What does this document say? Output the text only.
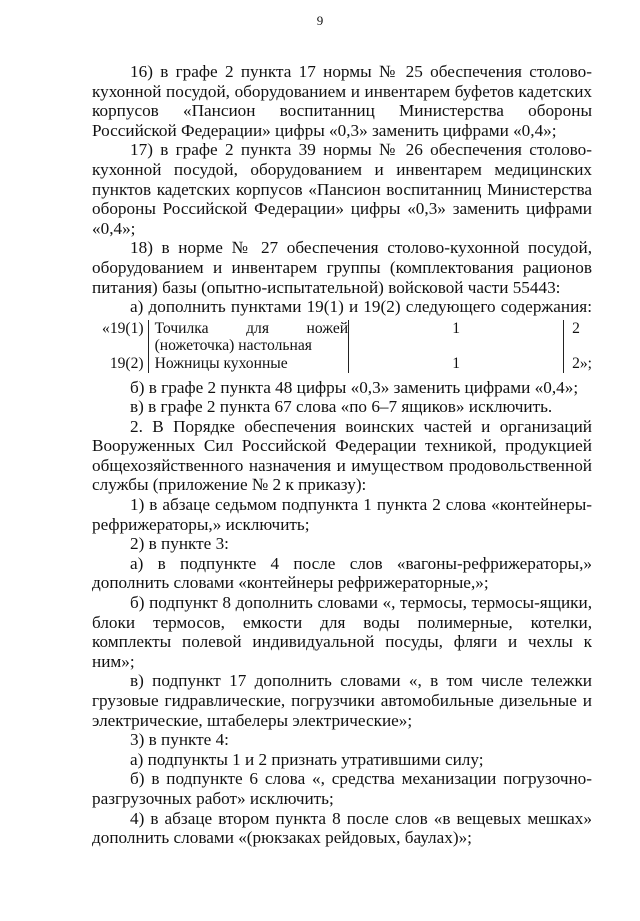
9

16) в графе 2 пункта 17 нормы № 25 обеспечения столово-кухонной посудой, оборудованием и инвентарем буфетов кадетских корпусов «Пансион воспитанниц Министерства обороны Российской Федерации» цифры «0,3» заменить цифрами «0,4»;

17) в графе 2 пункта 39 нормы № 26 обеспечения столово-кухонной посудой, оборудованием и инвентарем медицинских пунктов кадетских корпусов «Пансион воспитанниц Министерства обороны Российской Федерации» цифры «0,3» заменить цифрами «0,4»;

18) в норме № 27 обеспечения столово-кухонной посудой, оборудованием и инвентарем группы (комплектования рационов питания) базы (опытно-испытательной) войсковой части 55443:

а) дополнить пунктами 19(1) и 19(2) следующего содержания:

«19(1)	Точилка для ножей (ножеточка) настольная	1	2
19(2)	Ножницы кухонные	1	2»;

б) в графе 2 пункта 48 цифры «0,3» заменить цифрами «0,4»;

в) в графе 2 пункта 67 слова «по 6–7 ящиков» исключить.

2. В Порядке обеспечения воинских частей и организаций Вооруженных Сил Российской Федерации техникой, продукцией общехозяйственного назначения и имуществом продовольственной службы (приложение № 2 к приказу):

1) в абзаце седьмом подпункта 1 пункта 2 слова «контейнеры-рефрижераторы,» исключить;

2) в пункте 3:

а) в подпункте 4 после слов «вагоны-рефрижераторы,» дополнить словами «контейнеры рефрижераторные,»;

б) подпункт 8 дополнить словами «, термосы, термосы-ящики, блоки термосов, емкости для воды полимерные, котелки, комплекты полевой индивидуальной посуды, фляги и чехлы к ним»;

в) подпункт 17 дополнить словами «, в том числе тележки грузовые гидравлические, погрузчики автомобильные дизельные и электрические, штабелеры электрические»;

3) в пункте 4:

а) подпункты 1 и 2 признать утратившими силу;

б) в подпункте 6 слова «, средства механизации погрузочно-разгрузочных работ» исключить;

4) в абзаце втором пункта 8 после слов «в вещевых мешках» дополнить словами «(рюкзаках рейдовых, баулах)»;
